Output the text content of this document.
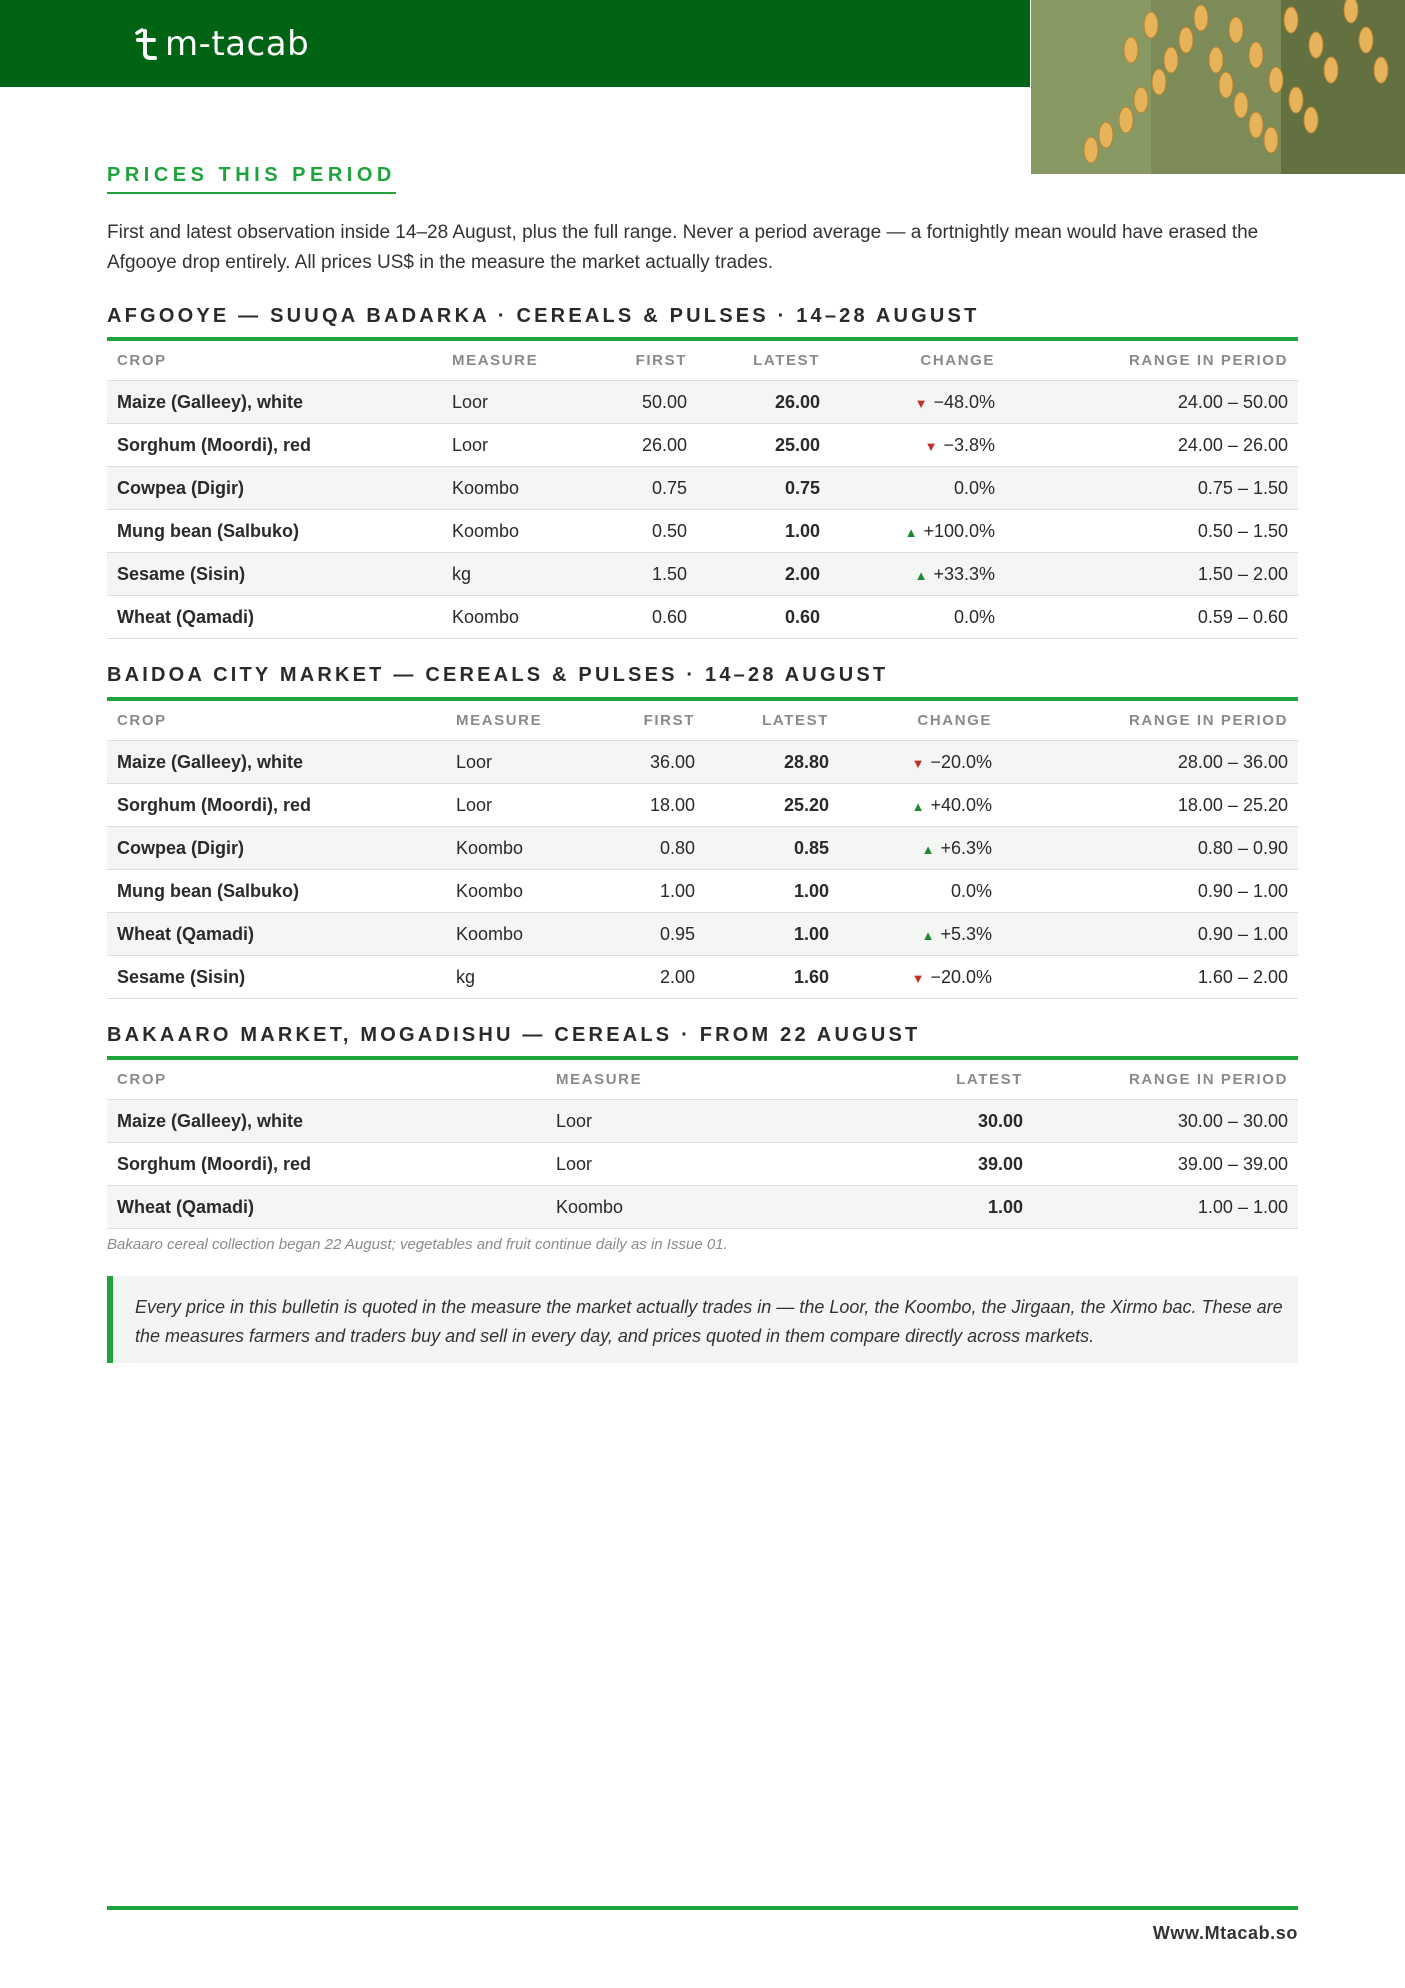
m-tacab
PRICES THIS PERIOD

First and latest observation inside 14–28 August, plus the full range. Never a period average — a fortnightly mean would have erased the Afgooye drop entirely. All prices US$ in the measure the market actually trades.

AFGOOYE — SUUQA BADARKA · CEREALS & PULSES · 14–28 AUGUST
CROP	MEASURE	FIRST	LATEST	CHANGE	RANGE IN PERIOD
Maize (Galleey), white	Loor	50.00	26.00	▼ −48.0%	24.00 – 50.00
Sorghum (Moordi), red	Loor	26.00	25.00	▼ −3.8%	24.00 – 26.00
Cowpea (Digir)	Koombo	0.75	0.75	0.0%	0.75 – 1.50
Mung bean (Salbuko)	Koombo	0.50	1.00	▲ +100.0%	0.50 – 1.50
Sesame (Sisin)	kg	1.50	2.00	▲ +33.3%	1.50 – 2.00
Wheat (Qamadi)	Koombo	0.60	0.60	0.0%	0.59 – 0.60
BAIDOA CITY MARKET — CEREALS & PULSES · 14–28 AUGUST
CROP	MEASURE	FIRST	LATEST	CHANGE	RANGE IN PERIOD
Maize (Galleey), white	Loor	36.00	28.80	▼ −20.0%	28.00 – 36.00
Sorghum (Moordi), red	Loor	18.00	25.20	▲ +40.0%	18.00 – 25.20
Cowpea (Digir)	Koombo	0.80	0.85	▲ +6.3%	0.80 – 0.90
Mung bean (Salbuko)	Koombo	1.00	1.00	0.0%	0.90 – 1.00
Wheat (Qamadi)	Koombo	0.95	1.00	▲ +5.3%	0.90 – 1.00
Sesame (Sisin)	kg	2.00	1.60	▼ −20.0%	1.60 – 2.00
BAKAARO MARKET, MOGADISHU — CEREALS · FROM 22 AUGUST
CROP	MEASURE	LATEST	RANGE IN PERIOD
Maize (Galleey), white	Loor	30.00	30.00 – 30.00
Sorghum (Moordi), red	Loor	39.00	39.00 – 39.00
Wheat (Qamadi)	Koombo	1.00	1.00 – 1.00

Bakaaro cereal collection began 22 August; vegetables and fruit continue daily as in Issue 01.

Every price in this bulletin is quoted in the measure the market actually trades in — the Loor, the Koombo, the Jirgaan, the Xirmo bac. These are the measures farmers and traders buy and sell in every day, and prices quoted in them compare directly across markets.
Www.Mtacab.so
